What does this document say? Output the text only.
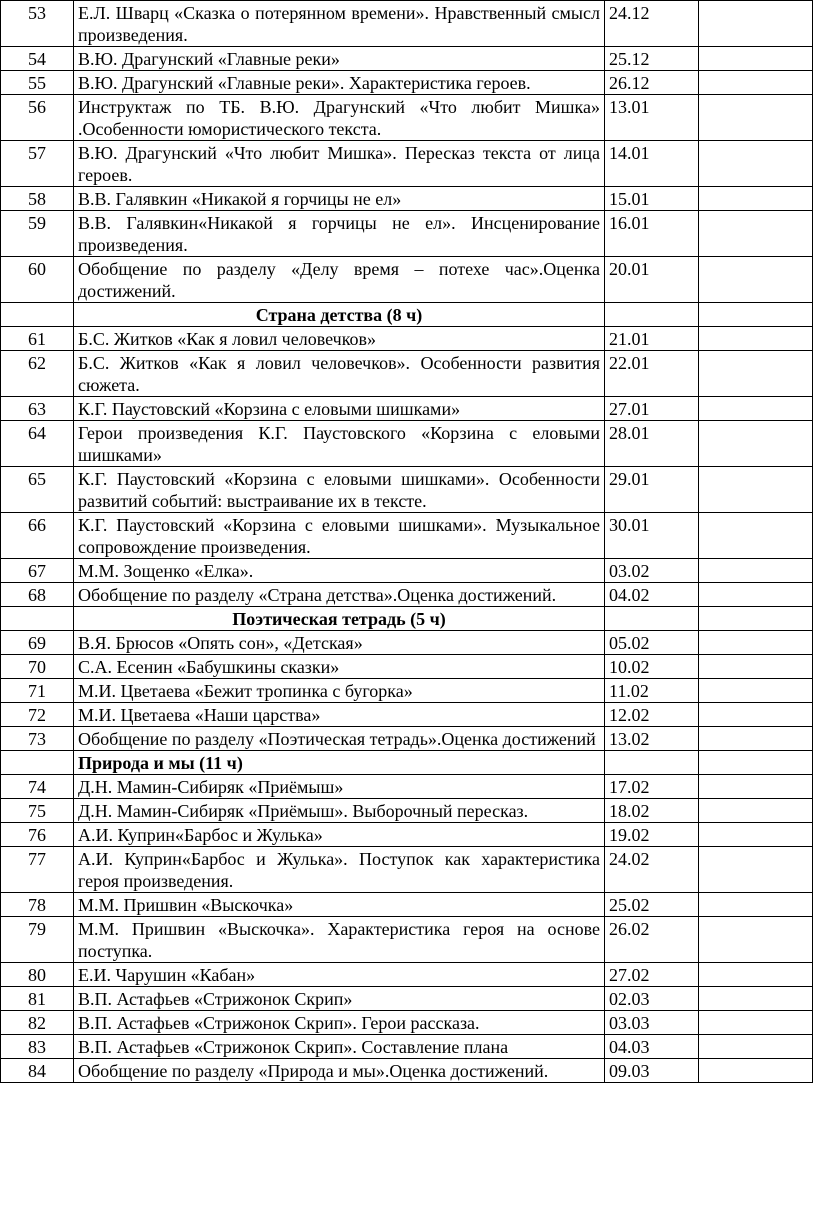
53	Е.Л. Шварц «Сказка о потерянном времени». Нравственный смысл произведения.	24.12	
54	В.Ю. Драгунский «Главные реки»	25.12	
55	В.Ю. Драгунский «Главные реки». Характеристика героев.	26.12	
56	Инструктаж по ТБ. В.Ю. Драгунский «Что любит Мишка» .Особенности юмористического текста.	13.01	
57	В.Ю. Драгунский «Что любит Мишка». Пересказ текста от лица героев.	14.01	
58	В.В. Галявкин «Никакой я горчицы не ел»	15.01	
59	В.В. Галявкин«Никакой я горчицы не ел». Инсценирование произведения.	16.01	
60	Обобщение по разделу «Делу время – потехе час».Оценка достижений.	20.01	
	Страна детства (8 ч)		
61	Б.С. Житков «Как я ловил человечков»	21.01	
62	Б.С. Житков «Как я ловил человечков». Особенности развития сюжета.	22.01	
63	К.Г. Паустовский «Корзина с еловыми шишками»	27.01	
64	Герои произведения К.Г. Паустовского «Корзина с еловыми шишками»	28.01	
65	К.Г. Паустовский «Корзина с еловыми шишками». Особенности развитий событий: выстраивание их в тексте.	29.01	
66	К.Г. Паустовский «Корзина с еловыми шишками». Музыкальное сопровождение произведения.	30.01	
67	М.М. Зощенко «Елка».	03.02	
68	Обобщение по разделу «Страна детства».Оценка достижений.	04.02	
	Поэтическая тетрадь (5 ч)		
69	В.Я. Брюсов «Опять сон», «Детская»	05.02	
70	С.А. Есенин «Бабушкины сказки»	10.02	
71	М.И. Цветаева «Бежит тропинка с бугорка»	11.02	
72	М.И. Цветаева «Наши царства»	12.02	
73	Обобщение по разделу «Поэтическая тетрадь».Оценка достижений	13.02	
	Природа и мы (11 ч)		
74	Д.Н. Мамин-Сибиряк «Приёмыш»	17.02	
75	Д.Н. Мамин-Сибиряк «Приёмыш». Выборочный пересказ.	18.02	
76	А.И. Куприн«Барбос и Жулька»	19.02	
77	А.И. Куприн«Барбос и Жулька». Поступок как характеристика героя произведения.	24.02	
78	М.М. Пришвин «Выскочка»	25.02	
79	М.М. Пришвин «Выскочка». Характеристика героя на основе поступка.	26.02	
80	Е.И. Чарушин «Кабан»	27.02	
81	В.П. Астафьев «Стрижонок Скрип»	02.03	
82	В.П. Астафьев «Стрижонок Скрип». Герои рассказа.	03.03	
83	В.П. Астафьев «Стрижонок Скрип». Составление плана	04.03	
84	Обобщение по разделу «Природа и мы».Оценка достижений.	09.03	
